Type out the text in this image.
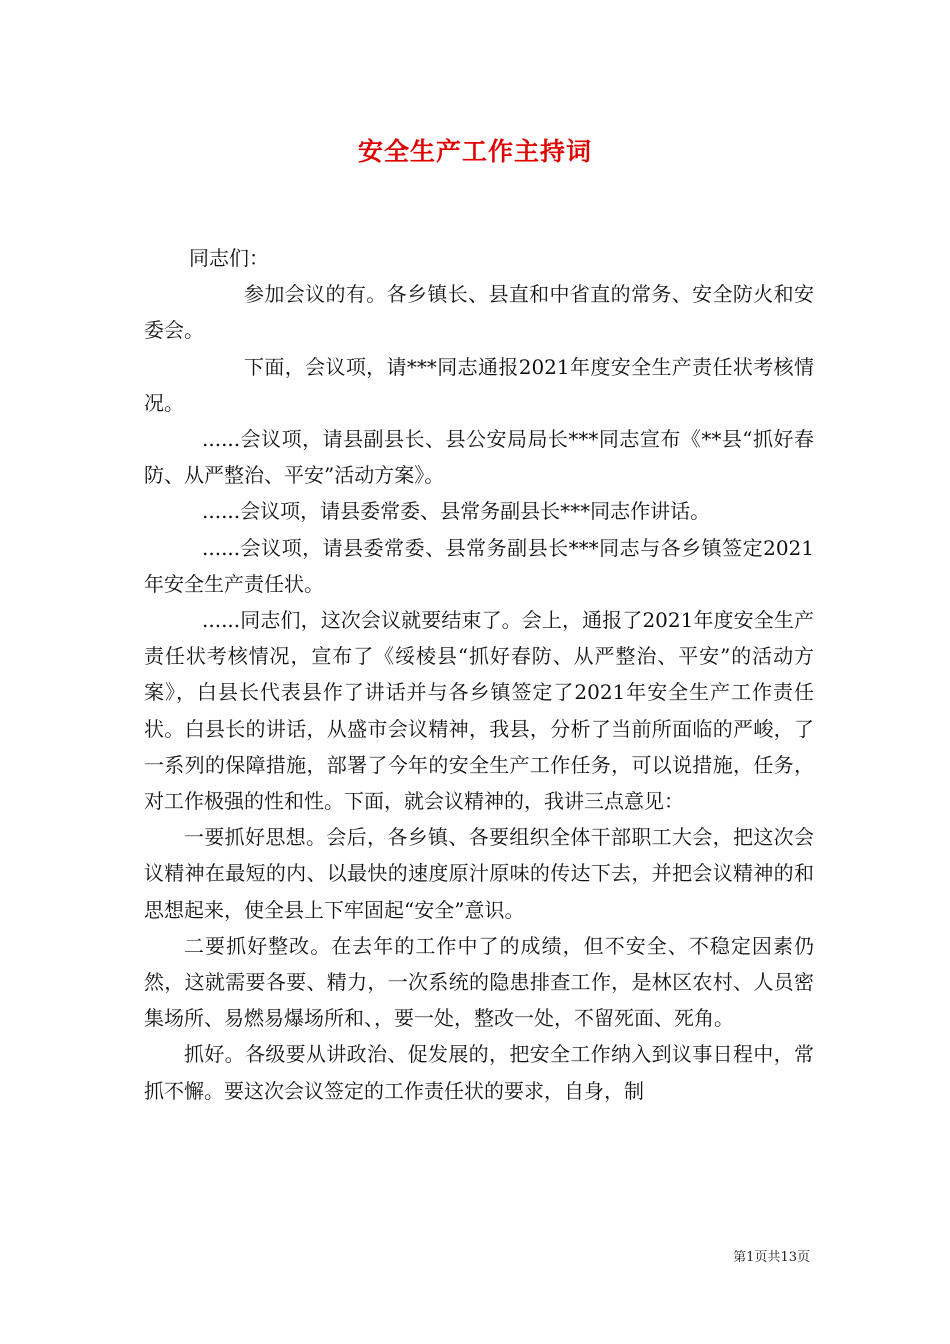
安全生产工作主持词

同志们：

参加会议的有。各乡镇长、县直和中省直的常务、安全防火和安委会。

下面，会议项，请***同志通报2021年度安全生产责任状考核情况。

......会议项，请县副县长、县公安局局长***同志宣布《**县“抓好春防、从严整治、平安”活动方案》。

......会议项，请县委常委、县常务副县长***同志作讲话。

......会议项，请县委常委、县常务副县长***同志与各乡镇签定2021年安全生产责任状。

......同志们，这次会议就要结束了。会上，通报了2021年度安全生产责任状考核情况，宣布了《绥棱县“抓好春防、从严整治、平安”的活动方案》，白县长代表县作了讲话并与各乡镇签定了2021年安全生产工作责任状。白县长的讲话，从盛市会议精神，我县，分析了当前所面临的严峻，了一系列的保障措施，部署了今年的安全生产工作任务，可以说措施，任务，对工作极强的性和性。下面，就会议精神的，我讲三点意见：

一要抓好思想。会后，各乡镇、各要组织全体干部职工大会，把这次会议精神在最短的内、以最快的速度原汁原味的传达下去，并把会议精神的和思想起来，使全县上下牢固起“安全”意识。

二要抓好整改。在去年的工作中了的成绩，但不安全、不稳定因素仍然，这就需要各要、精力，一次系统的隐患排查工作，是林区农村、人员密集场所、易燃易爆场所和、，要一处，整改一处，不留死面、死角。

抓好。各级要从讲政治、促发展的，把安全工作纳入到议事日程中，常抓不懈。要这次会议签定的工作责任状的要求，自身，制

第1页共13页
